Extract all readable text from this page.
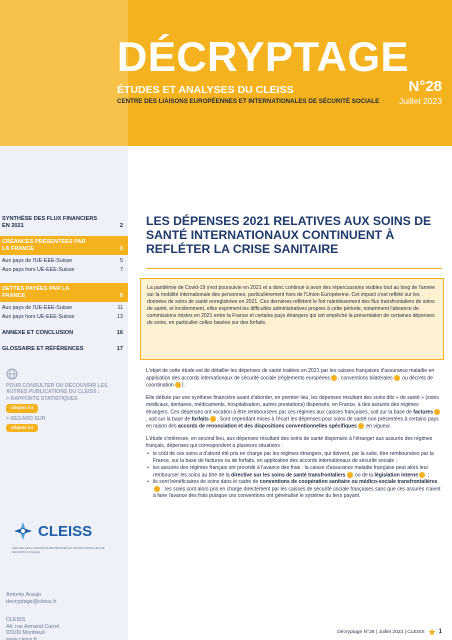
N°28
Juillet 2023
DÉCRYPTAGE
ÉTUDES ET ANALYSES DU CLEISS
CENTRE DES LIAISONS EUROPÉENNES ET INTERNATIONALES DE SÉCURITÉ SOCIALE
SYNTHÈSE DES FLUX FINANCIERS EN 2021	2
CRÉANCES PRÉSENTÉES PAR LA FRANCE	3
Aux pays de l'UE-EEE-Suisse	5
Aux pays hors UE-EEE-Suisse	7
DETTES PAYÉES PAR LA FRANCE	9
Aux pays de l'UE-EEE-Suisse	11
Aux pays hors UE-EEE-Suisse	13
ANNEXE ET CONCLUSION	16
GLOSSAIRE ET RÉFÉRENCES	17
POUR CONSULTER OU DÉCOUVRIR LES AUTRES PUBLICATIONS DU CLEISS :
> RAPPORTS STATISTIQUES
cliquez ici
> REGARD SUR
cliquez ici
CLEISS
CENTRE DES LIAISONS EUROPÉENNES ET INTERNATIONALES DE SÉCURITÉ SOCIALE
Antonio Araujo
decryptage@cleiss.fr
CLEISS
44, rue Armand Carrel
93100 Montreuil
www.cleiss.fr
LES DÉPENSES 2021 RELATIVES AUX SOINS DE SANTÉ INTERNATIONAUX CONTINUENT À REFLÉTER LA CRISE SANITAIRE

La pandémie de Covid-19 s'est poursuivie en 2021 et a donc continué à avoir des répercussions visibles tout au long de l'année sur la mobilité internationale des personnes, particulièrement hors de l'Union Européenne. Cet impact s'est reflété sur les données de soins de santé enregistrées en 2021. Ces dernières reflètent le fort ralentissement des flux transfrontaliers de soins de santé, et incidemment, elles expriment les difficultés administratives propres à cette période, notamment l'absence de commissions mixtes en 2021 entre la France et certains pays étrangers qui ont empêché la présentation de certaines dépenses de soins, en particulier celles basées sur des forfaits.

L'objet de cette étude est de détailler les dépenses de santé traitées en 2021 par les caisses françaises d'assurance maladie en application des accords internationaux de sécurité sociale (règlements européens , conventions bilatérales ou décrets de coordination ).

Elle débute par une synthèse financière avant d'aborder, en premier lieu, les dépenses résultant des soins dits « de santé » (soins médicaux, dentaires, médicaments, hospitalisation, autres prestations) dispensés, en France, à des assurés des régimes étrangers. Ces dépenses ont vocation à être remboursées par ces régimes aux caisses françaises, soit sur la base de factures, soit sur la base de forfaits . Sont cependant mises à l'écart les dépenses pour soins de santé non présentées à certains pays en raison des accords de renonciation et des dispositions conventionnelles spécifiques en vigueur.

L'étude s'intéresse, en second lieu, aux dépenses résultant des soins de santé dispensés à l'étranger aux assurés des régimes français, dépenses qui correspondent à plusieurs situations :

• le coût de ces soins a d'abord été pris en charge par les régimes étrangers, qui doivent, par la suite, être remboursées par la France, sur la base de factures ou de forfaits, en application des accords internationaux de sécurité sociale ;
• les assurés des régimes français ont procédé à l'avance des frais : la caisse d'assurance maladie française peut alors leur rembourser les soins au titre de la directive sur les soins de santé transfrontaliers ou de la législation interne ;
• ils sont bénéficiaires de soins dans le cadre de conventions de coopération sanitaire ou médico-sociale transfrontalières : les soins sont alors pris en charge directement par les caisses de sécurité sociale françaises sans que ces assurés n'aient à faire l'avance des frais puisque ces conventions ont généralisé le système du tiers payant.
Décryptage N°28 | Juillet 2023 | CLEISS 1
